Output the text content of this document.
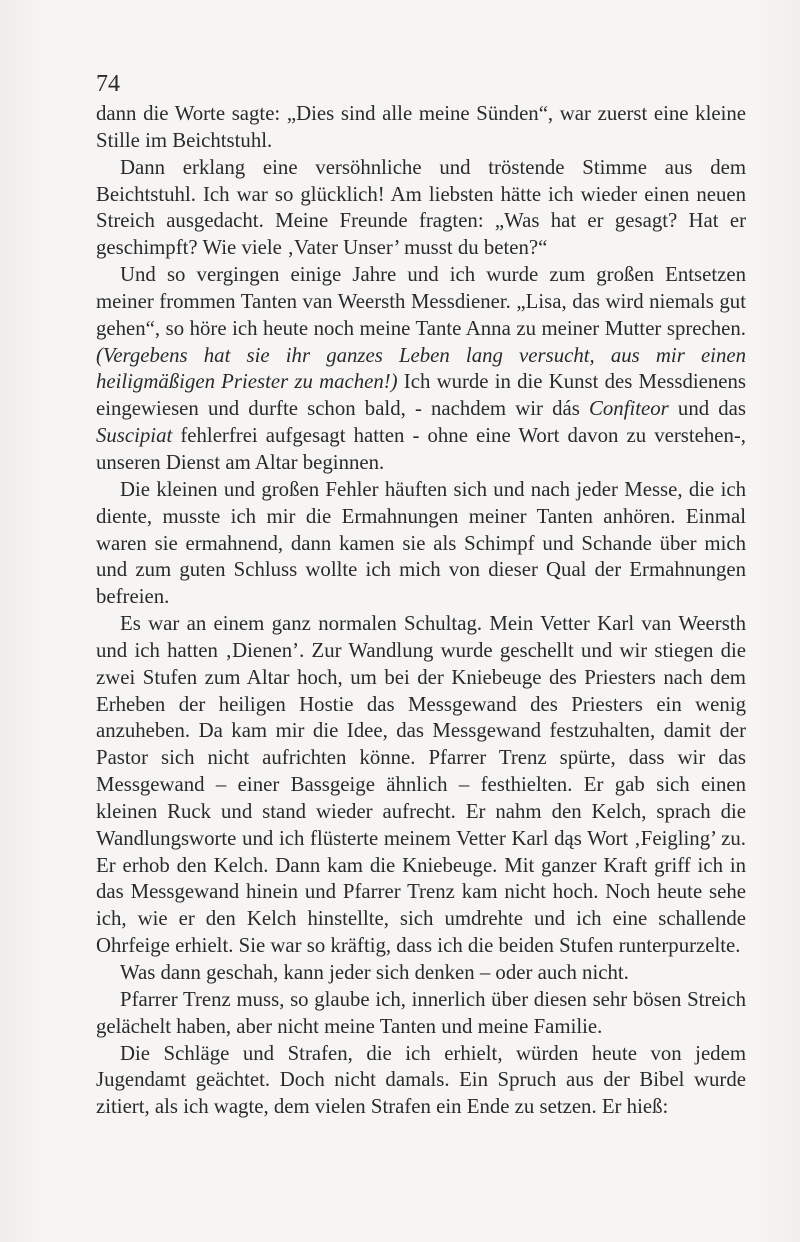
74

dann die Worte sagte: „Dies sind alle meine Sünden“, war zuerst eine kleine Stille im Beichtstuhl.

Dann erklang eine versöhnliche und tröstende Stimme aus dem Beichtstuhl. Ich war so glücklich! Am liebsten hätte ich wieder einen neuen Streich ausgedacht. Meine Freunde fragten: „Was hat er gesagt? Hat er geschimpft? Wie viele ‚Vater Unser’ musst du beten?“

Und so vergingen einige Jahre und ich wurde zum großen Entsetzen meiner frommen Tanten van Weersth Messdiener. „Lisa, das wird niemals gut gehen“, so höre ich heute noch meine Tante Anna zu meiner Mutter sprechen. (Vergebens hat sie ihr ganzes Leben lang versucht, aus mir einen heiligmäßigen Priester zu machen!) Ich wurde in die Kunst des Messdienens eingewiesen und durfte schon bald, - nachdem wir dás Confiteor und das Suscipiat fehlerfrei aufgesagt hatten - ohne eine Wort davon zu verstehen-, unseren Dienst am Altar beginnen.

Die kleinen und großen Fehler häuften sich und nach jeder Messe, die ich diente, musste ich mir die Ermahnungen meiner Tanten anhören. Einmal waren sie ermahnend, dann kamen sie als Schimpf und Schande über mich und zum guten Schluss wollte ich mich von dieser Qual der Ermahnungen befreien.

Es war an einem ganz normalen Schultag. Mein Vetter Karl van Weersth und ich hatten ‚Dienen’. Zur Wandlung wurde geschellt und wir stiegen die zwei Stufen zum Altar hoch, um bei der Kniebeuge des Priesters nach dem Erheben der heiligen Hostie das Messgewand des Priesters ein wenig anzuheben. Da kam mir die Idee, das Messgewand festzuhalten, damit der Pastor sich nicht aufrichten könne. Pfarrer Trenz spürte, dass wir das Messgewand – einer Bassgeige ähnlich – festhielten. Er gab sich einen kleinen Ruck und stand wieder aufrecht. Er nahm den Kelch, sprach die Wandlungsworte und ich flüsterte meinem Vetter Karl dąs Wort ‚Feigling’ zu. Er erhob den Kelch. Dann kam die Kniebeuge. Mit ganzer Kraft griff ich in das Messgewand hinein und Pfarrer Trenz kam nicht hoch. Noch heute sehe ich, wie er den Kelch hinstellte, sich umdrehte und ich eine schallende Ohrfeige erhielt. Sie war so kräftig, dass ich die beiden Stufen runterpurzelte.

Was dann geschah, kann jeder sich denken – oder auch nicht.

Pfarrer Trenz muss, so glaube ich, innerlich über diesen sehr bösen Streich gelächelt haben, aber nicht meine Tanten und meine Familie.

Die Schläge und Strafen, die ich erhielt, würden heute von jedem Jugendamt geächtet. Doch nicht damals. Ein Spruch aus der Bibel wurde zitiert, als ich wagte, dem vielen Strafen ein Ende zu setzen. Er hieß:
